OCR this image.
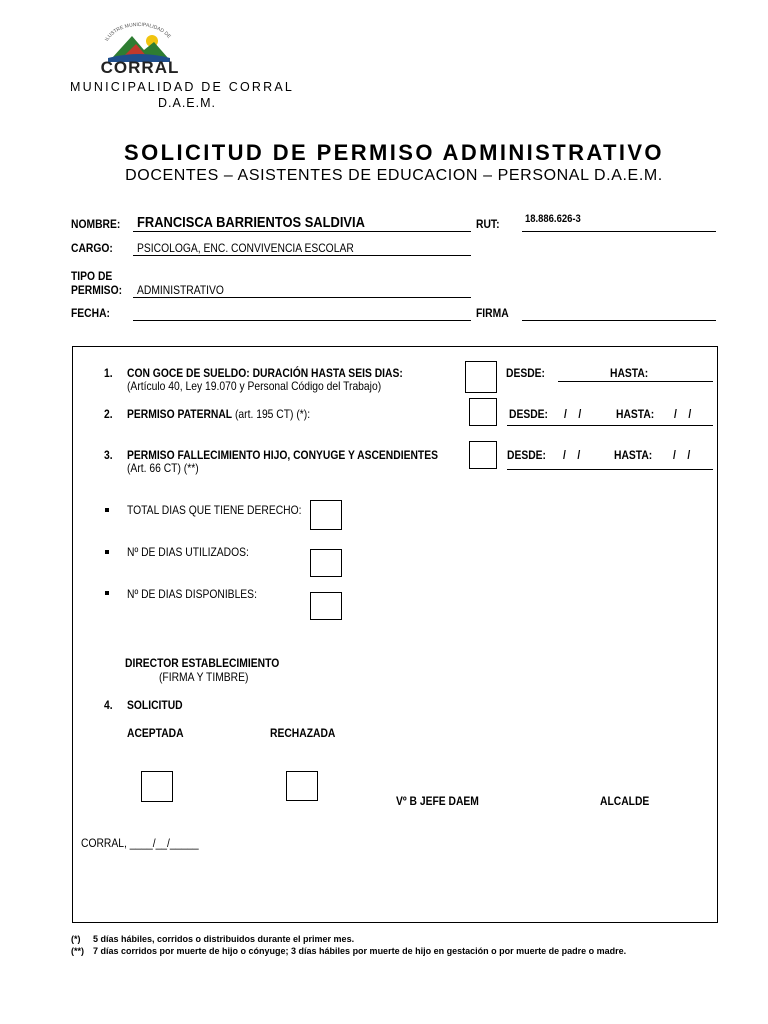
ILUSTRE MUNICIPALIDAD DE
CORRAL
MUNICIPALIDAD DE CORRAL
D.A.E.M.
SOLICITUD DE PERMISO ADMINISTRATIVO
DOCENTES – ASISTENTES DE EDUCACION – PERSONAL D.A.E.M.
NOMBRE: FRANCISCA BARRIENTOS SALDIVIA	RUT: 18.886.626-3
CARGO: PSICOLOGA, ENC. CONVIVENCIA ESCOLAR
TIPO DE
PERMISO: ADMINISTRATIVO
FECHA:	FIRMA
1. CON GOCE DE SUELDO: DURACIÓN HASTA SEIS DIAS:
(Artículo 40, Ley 19.070 y Personal Código del Trabajo)
DESDE:	HASTA:
2. PERMISO PATERNAL (art. 195 CT) (*):	DESDE: /    /	HASTA: /    /
3. PERMISO FALLECIMIENTO HIJO, CONYUGE Y ASCENDIENTES
(Art. 66 CT) (**)
DESDE: /    /	HASTA: /    /
TOTAL DIAS QUE TIENE DERECHO:
Nº DE DIAS UTILIZADOS:
Nº DE DIAS DISPONIBLES:
DIRECTOR ESTABLECIMIENTO
(FIRMA Y TIMBRE)
4. SOLICITUD
ACEPTADA	RECHAZADA
Vº B JEFE DAEM	ALCALDE
CORRAL, ____/__/_____
(*) 5 días hábiles, corridos o distribuidos durante el primer mes.
(**) 7 días corridos por muerte de hijo o cónyuge; 3 días hábiles por muerte de hijo en gestación o por muerte de padre o madre.
